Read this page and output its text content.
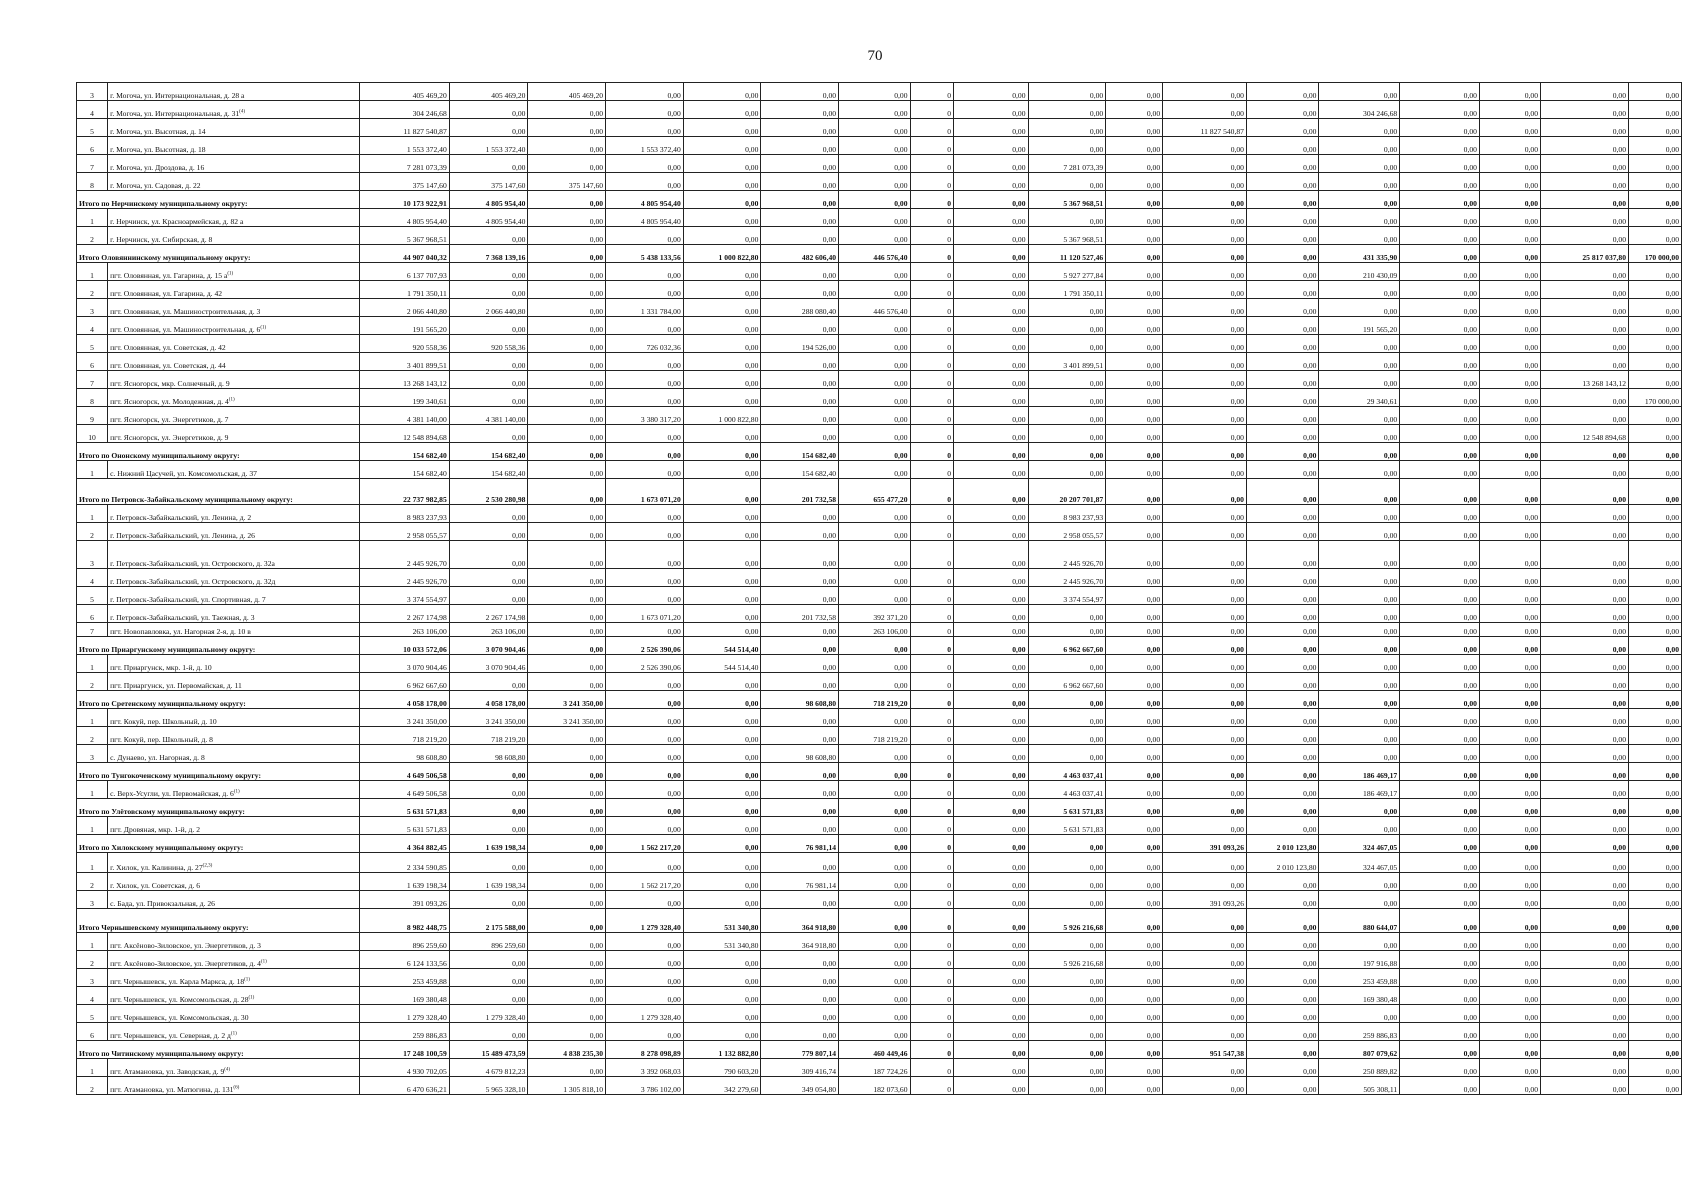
70
3	г. Могоча, ул. Интернациональная, д. 28 а	405 469,20	405 469,20	405 469,20	0,00	0,00	0,00	0,00	0	0,00	0,00	0,00	0,00	0,00	0,00	0,00	0,00	0,00	0,00
4	г. Могоча, ул. Интернациональная, д. 31$^{(4)}$	304 246,68	0,00	0,00	0,00	0,00	0,00	0,00	0	0,00	0,00	0,00	0,00	0,00	304 246,68	0,00	0,00	0,00	0,00
5	г. Могоча, ул. Высотная, д. 14	11 827 540,87	0,00	0,00	0,00	0,00	0,00	0,00	0	0,00	0,00	0,00	11 827 540,87	0,00	0,00	0,00	0,00	0,00	0,00
6	г. Могоча, ул. Высотная, д. 18	1 553 372,40	1 553 372,40	0,00	1 553 372,40	0,00	0,00	0,00	0	0,00	0,00	0,00	0,00	0,00	0,00	0,00	0,00	0,00	0,00
7	г. Могоча, ул. Дроздова, д. 16	7 281 073,39	0,00	0,00	0,00	0,00	0,00	0,00	0	0,00	7 281 073,39	0,00	0,00	0,00	0,00	0,00	0,00	0,00	0,00
8	г. Могоча, ул. Садовая, д. 22	375 147,60	375 147,60	375 147,60	0,00	0,00	0,00	0,00	0	0,00	0,00	0,00	0,00	0,00	0,00	0,00	0,00	0,00	0,00
Итого по Нерчинскому муниципальному округу:		10 173 922,91	4 805 954,40	0,00	4 805 954,40	0,00	0,00	0,00	0	0,00	5 367 968,51	0,00	0,00	0,00	0,00	0,00	0,00	0,00	0,00
1	г. Нерчинск, ул. Красноармейская, д. 82 а	4 805 954,40	4 805 954,40	0,00	4 805 954,40	0,00	0,00	0,00	0	0,00	0,00	0,00	0,00	0,00	0,00	0,00	0,00	0,00	0,00
2	г. Нерчинск, ул. Сибирская, д. 8	5 367 968,51	0,00	0,00	0,00	0,00	0,00	0,00	0	0,00	5 367 968,51	0,00	0,00	0,00	0,00	0,00	0,00	0,00	0,00
Итого Оловяннинскому муниципальному округу:		44 907 040,32	7 368 139,16	0,00	5 438 133,56	1 000 822,80	482 606,40	446 576,40	0	0,00	11 120 527,46	0,00	0,00	0,00	431 335,90	0,00	0,00	25 817 037,80	170 000,00
1	пгт. Оловянная, ул. Гагарина, д. 15 $а^{(1)}$	6 137 707,93	0,00	0,00	0,00	0,00	0,00	0,00	0	0,00	5 927 277,84	0,00	0,00	0,00	210 430,09	0,00	0,00	0,00	0,00
2	пгт. Оловянная, ул. Гагарина, д. 42	1 791 350,11	0,00	0,00	0,00	0,00	0,00	0,00	0	0,00	1 791 350,11	0,00	0,00	0,00	0,00	0,00	0,00	0,00	0,00
3	пгт. Оловянная, ул. Машиностроительная, д. 3	2 066 440,80	2 066 440,80	0,00	1 331 784,00	0,00	288 080,40	446 576,40	0	0,00	0,00	0,00	0,00	0,00	0,00	0,00	0,00	0,00	0,00
4	пгт. Оловянная, ул. Машиностроительная, д. 6$^{(1)}$	191 565,20	0,00	0,00	0,00	0,00	0,00	0,00	0	0,00	0,00	0,00	0,00	0,00	191 565,20	0,00	0,00	0,00	0,00
5	пгт. Оловянная, ул. Советская, д. 42	920 558,36	920 558,36	0,00	726 032,36	0,00	194 526,00	0,00	0	0,00	0,00	0,00	0,00	0,00	0,00	0,00	0,00	0,00	0,00
6	пгт. Оловянная, ул. Советская, д. 44	3 401 899,51	0,00	0,00	0,00	0,00	0,00	0,00	0	0,00	3 401 899,51	0,00	0,00	0,00	0,00	0,00	0,00	0,00	0,00
7	пгт. Ясногорск, мкр. Солнечный, д. 9	13 268 143,12	0,00	0,00	0,00	0,00	0,00	0,00	0	0,00	0,00	0,00	0,00	0,00	0,00	0,00	0,00	13 268 143,12	0,00
8	пгт. Ясногорск, ул. Молодежная, д. 4$^{(1)}$	199 340,61	0,00	0,00	0,00	0,00	0,00	0,00	0	0,00	0,00	0,00	0,00	0,00	29 340,61	0,00	0,00	0,00	170 000,00
9	пгт. Ясногорск, ул. Энергетиков, д. 7	4 381 140,00	4 381 140,00	0,00	3 380 317,20	1 000 822,80	0,00	0,00	0	0,00	0,00	0,00	0,00	0,00	0,00	0,00	0,00	0,00	0,00
10	пгт. Ясногорск, ул. Энергетиков, д. 9	12 548 894,68	0,00	0,00	0,00	0,00	0,00	0,00	0	0,00	0,00	0,00	0,00	0,00	0,00	0,00	0,00	12 548 894,68	0,00
Итого по Ононскому муниципальному округу:		154 682,40	154 682,40	0,00	0,00	0,00	154 682,40	0,00	0	0,00	0,00	0,00	0,00	0,00	0,00	0,00	0,00	0,00	0,00
1	с. Нижний Цасучей, ул. Комсомольская, д. 37	154 682,40	154 682,40	0,00	0,00	0,00	154 682,40	0,00	0	0,00	0,00	0,00	0,00	0,00	0,00	0,00	0,00	0,00	0,00
Итого по Петровск-Забайкальскому муниципальному округу:		22 737 982,85	2 530 280,98	0,00	1 673 071,20	0,00	201 732,58	655 477,20	0	0,00	20 207 701,87	0,00	0,00	0,00	0,00	0,00	0,00	0,00	0,00
1	г. Петровск-Забайкальский, ул. Ленина, д. 2	8 983 237,93	0,00	0,00	0,00	0,00	0,00	0,00	0	0,00	8 983 237,93	0,00	0,00	0,00	0,00	0,00	0,00	0,00	0,00
2	г. Петровск-Забайкальский, ул. Ленина, д. 26	2 958 055,57	0,00	0,00	0,00	0,00	0,00	0,00	0	0,00	2 958 055,57	0,00	0,00	0,00	0,00	0,00	0,00	0,00	0,00
3	г. Петровск-Забайкальский, ул. Островского, д. 32а	2 445 926,70	0,00	0,00	0,00	0,00	0,00	0,00	0	0,00	2 445 926,70	0,00	0,00	0,00	0,00	0,00	0,00	0,00	0,00
4	г. Петровск-Забайкальский, ул. Островского, д. 32д	2 445 926,70	0,00	0,00	0,00	0,00	0,00	0,00	0	0,00	2 445 926,70	0,00	0,00	0,00	0,00	0,00	0,00	0,00	0,00
5	г. Петровск-Забайкальский, ул. Спортивная, д. 7	3 374 554,97	0,00	0,00	0,00	0,00	0,00	0,00	0	0,00	3 374 554,97	0,00	0,00	0,00	0,00	0,00	0,00	0,00	0,00
6	г. Петровск-Забайкальский, ул. Таежная, д. 3	2 267 174,98	2 267 174,98	0,00	1 673 071,20	0,00	201 732,58	392 371,20	0	0,00	0,00	0,00	0,00	0,00	0,00	0,00	0,00	0,00	0,00
7	пгт. Новопавловка, ул. Нагорная 2-я, д. 10 в	263 106,00	263 106,00	0,00	0,00	0,00	0,00	263 106,00	0	0,00	0,00	0,00	0,00	0,00	0,00	0,00	0,00	0,00	0,00
Итого по Приаргунскому муниципальному округу:		10 033 572,06	3 070 904,46	0,00	2 526 390,06	544 514,40	0,00	0,00	0	0,00	6 962 667,60	0,00	0,00	0,00	0,00	0,00	0,00	0,00	0,00
1	пгт. Приаргунск, мкр. 1-й, д. 10	3 070 904,46	3 070 904,46	0,00	2 526 390,06	544 514,40	0,00	0,00	0	0,00	0,00	0,00	0,00	0,00	0,00	0,00	0,00	0,00	0,00
2	пгт. Приаргунск, ул. Первомайская, д. 11	6 962 667,60	0,00	0,00	0,00	0,00	0,00	0,00	0	0,00	6 962 667,60	0,00	0,00	0,00	0,00	0,00	0,00	0,00	0,00
Итого по Сретенскому муниципальному округу:		4 058 178,00	4 058 178,00	3 241 350,00	0,00	0,00	98 608,80	718 219,20	0	0,00	0,00	0,00	0,00	0,00	0,00	0,00	0,00	0,00	0,00
1	пгт. Кокуй, пер. Школьный, д. 10	3 241 350,00	3 241 350,00	3 241 350,00	0,00	0,00	0,00	0,00	0	0,00	0,00	0,00	0,00	0,00	0,00	0,00	0,00	0,00	0,00
2	пгт. Кокуй, пер. Школьный, д. 8	718 219,20	718 219,20	0,00	0,00	0,00	0,00	718 219,20	0	0,00	0,00	0,00	0,00	0,00	0,00	0,00	0,00	0,00	0,00
3	с. Дунаево, ул. Нагорная, д. 8	98 608,80	98 608,80	0,00	0,00	0,00	98 608,80	0,00	0	0,00	0,00	0,00	0,00	0,00	0,00	0,00	0,00	0,00	0,00
Итого по Тунгокоченскому муниципальному округу:		4 649 506,58	0,00	0,00	0,00	0,00	0,00	0,00	0	0,00	4 463 037,41	0,00	0,00	0,00	186 469,17	0,00	0,00	0,00	0,00
1	с. Верх-Усугли, ул. Первомайская, д. 6$^{(1)}$	4 649 506,58	0,00	0,00	0,00	0,00	0,00	0,00	0	0,00	4 463 037,41	0,00	0,00	0,00	186 469,17	0,00	0,00	0,00	0,00
Итого по Улётовскому муниципальному округу:		5 631 571,83	0,00	0,00	0,00	0,00	0,00	0,00	0	0,00	5 631 571,83	0,00	0,00	0,00	0,00	0,00	0,00	0,00	0,00
1	пгт. Дровяная, мкр. 1-й, д. 2	5 631 571,83	0,00	0,00	0,00	0,00	0,00	0,00	0	0,00	5 631 571,83	0,00	0,00	0,00	0,00	0,00	0,00	0,00	0,00
Итого по Хилокскому муниципальному округу:		4 364 882,45	1 639 198,34	0,00	1 562 217,20	0,00	76 981,14	0,00	0	0,00	0,00	0,00	391 093,26	2 010 123,80	324 467,05	0,00	0,00	0,00	0,00
1	г. Хилок, ул. Калинина, д. 27$^{(2,3)}$	2 334 590,85	0,00	0,00	0,00	0,00	0,00	0,00	0	0,00	0,00	0,00	0,00	2 010 123,80	324 467,05	0,00	0,00	0,00	0,00
2	г. Хилок, ул. Советская, д. 6	1 639 198,34	1 639 198,34	0,00	1 562 217,20	0,00	76 981,14	0,00	0	0,00	0,00	0,00	0,00	0,00	0,00	0,00	0,00	0,00	0,00
3	с. Бада, ул. Привокзальная, д. 26	391 093,26	0,00	0,00	0,00	0,00	0,00	0,00	0	0,00	0,00	0,00	391 093,26	0,00	0,00	0,00	0,00	0,00	0,00
Итого Чернышевскому муниципальному округу:		8 982 448,75	2 175 588,00	0,00	1 279 328,40	531 340,80	364 918,80	0,00	0	0,00	5 926 216,68	0,00	0,00	0,00	880 644,07	0,00	0,00	0,00	0,00
1	пгт. Аксёново-Зиловское, ул. Энергетиков, д. 3	896 259,60	896 259,60	0,00	0,00	531 340,80	364 918,80	0,00	0	0,00	0,00	0,00	0,00	0,00	0,00	0,00	0,00	0,00	0,00
2	пгт. Аксёново-Зиловское, ул. Энергетиков, д. 4$^{(1)}$	6 124 133,56	0,00	0,00	0,00	0,00	0,00	0,00	0	0,00	5 926 216,68	0,00	0,00	0,00	197 916,88	0,00	0,00	0,00	0,00
3	пгт. Чернышевск, ул. Карла Маркса, д. 18$^{(1)}$	253 459,88	0,00	0,00	0,00	0,00	0,00	0,00	0	0,00	0,00	0,00	0,00	0,00	253 459,88	0,00	0,00	0,00	0,00
4	пгт. Чернышевск, ул. Комсомольская, д. 28$^{(1)}$	169 380,48	0,00	0,00	0,00	0,00	0,00	0,00	0	0,00	0,00	0,00	0,00	0,00	169 380,48	0,00	0,00	0,00	0,00
5	пгт. Чернышевск, ул. Комсомольская, д. 30	1 279 328,40	1 279 328,40	0,00	1 279 328,40	0,00	0,00	0,00	0	0,00	0,00	0,00	0,00	0,00	0,00	0,00	0,00	0,00	0,00
6	пгт. Чернышевск, ул. Северная, д. 2 $д^{(1)}$	259 886,83	0,00	0,00	0,00	0,00	0,00	0,00	0	0,00	0,00	0,00	0,00	0,00	259 886,83	0,00	0,00	0,00	0,00
Итого по Читинскому муниципальному округу:		17 248 100,59	15 489 473,59	4 838 235,30	8 278 098,89	1 132 882,80	779 807,14	460 449,46	0	0,00	0,00	0,00	951 547,38	0,00	807 079,62	0,00	0,00	0,00	0,00
1	пгт. Атамановка, ул. Заводская, д. 9$^{(4)}$	4 930 702,05	4 679 812,23	0,00	3 392 068,03	790 603,20	309 416,74	187 724,26	0	0,00	0,00	0,00	0,00	0,00	250 889,82	0,00	0,00	0,00	0,00
2	пгт. Атамановка, ул. Матюгина, д. 131$^{(6)}$	6 470 636,21	5 965 328,10	1 305 818,10	3 786 102,00	342 279,60	349 054,80	182 073,60	0	0,00	0,00	0,00	0,00	0,00	505 308,11	0,00	0,00	0,00	0,00
